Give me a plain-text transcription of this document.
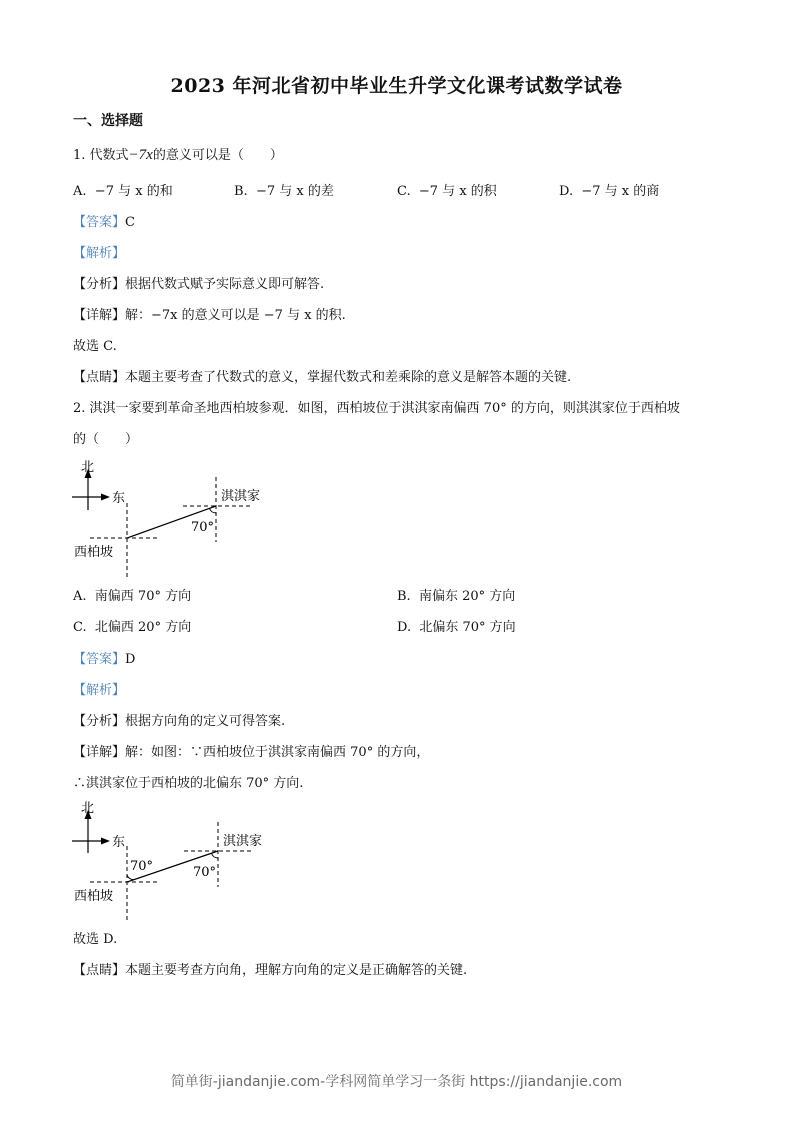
2023 年河北省初中毕业生升学文化课考试数学试卷
一、选择题
1. 代数式−7x的意义可以是（　　）
A. −7 与 x 的和	B. −7 与 x 的差	C. −7 与 x 的积	D. −7 与 x 的商
【答案】C
【解析】
【分析】根据代数式赋予实际意义即可解答.
【详解】解：−7x 的意义可以是 −7 与 x 的积.
故选 C.
【点睛】本题主要考查了代数式的意义，掌握代数式和差乘除的意义是解答本题的关键.
2. 淇淇一家要到革命圣地西柏坡参观．如图，西柏坡位于淇淇家南偏西 70° 的方向，则淇淇家位于西柏坡
的（　　）
北
东
70°
淇淇家
西柏坡
A. 南偏西 70° 方向	B. 南偏东 20° 方向
C. 北偏西 20° 方向	D. 北偏东 70° 方向
【答案】D
【解析】
【分析】根据方向角的定义可得答案.
【详解】解：如图：∵西柏坡位于淇淇家南偏西 70° 的方向，
∴淇淇家位于西柏坡的北偏东 70° 方向.
北
东
70°	70°
淇淇家
西柏坡
故选 D.
【点睛】本题主要考查方向角，理解方向角的定义是正确解答的关键.
简单街-jiandanjie.com-学科网简单学习一条街 https://jiandanjie.com
